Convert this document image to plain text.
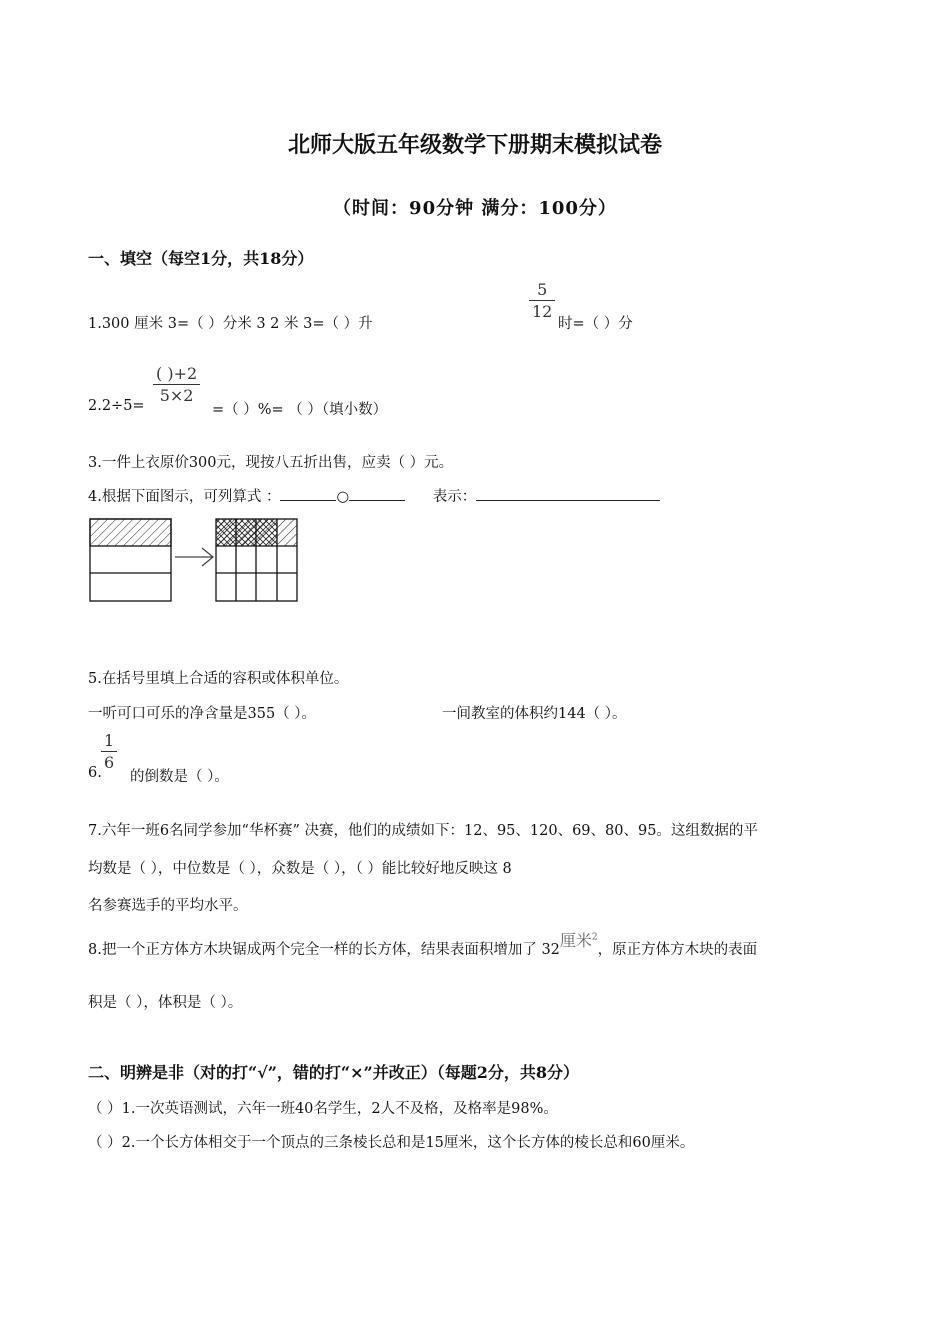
北师大版五年级数学下册期末模拟试卷
（时间：90分钟 满分：100分）
一、填空（每空1分，共18分）
1.300 厘米 3=（ ）分米 3 2 米 3=（ ）升
5
12
时=（ ）分
2.2÷5=
( )+2
5×2
=（ ）%= （ ）（填小数）
3.一件上衣原价300元，现按八五折出售，应卖（ ）元。
4.根据下面图示，可列算式 ：	○	表示：
5.在括号里填上合适的容积或体积单位。
一听可口可乐的净含量是355（ ）。	一间教室的体积约144（ ）。
6.
1
6
的倒数是（ ）。
7.六年一班6名同学参加“华杯赛” 决赛，他们的成绩如下：12、95、120、69、80、95。这组数据的平
均数是（ ），中位数是（ ），众数是（ ），（ ）能比较好地反映这 8
名参赛选手的平均水平。
8.把一个正方体方木块锯成两个完全一样的长方体，结果表面积增加了 32厘米$^2$，原正方体方木块的表面
积是（ ），体积是（ ）。
二、明辨是非（对的打“√”，错的打“×”并改正）（每题2分，共8分）
（ ）1.一次英语测试，六年一班40名学生，2人不及格，及格率是98%。
（ ）2.一个长方体相交于一个顶点的三条棱长总和是15厘米，这个长方体的棱长总和60厘米。
